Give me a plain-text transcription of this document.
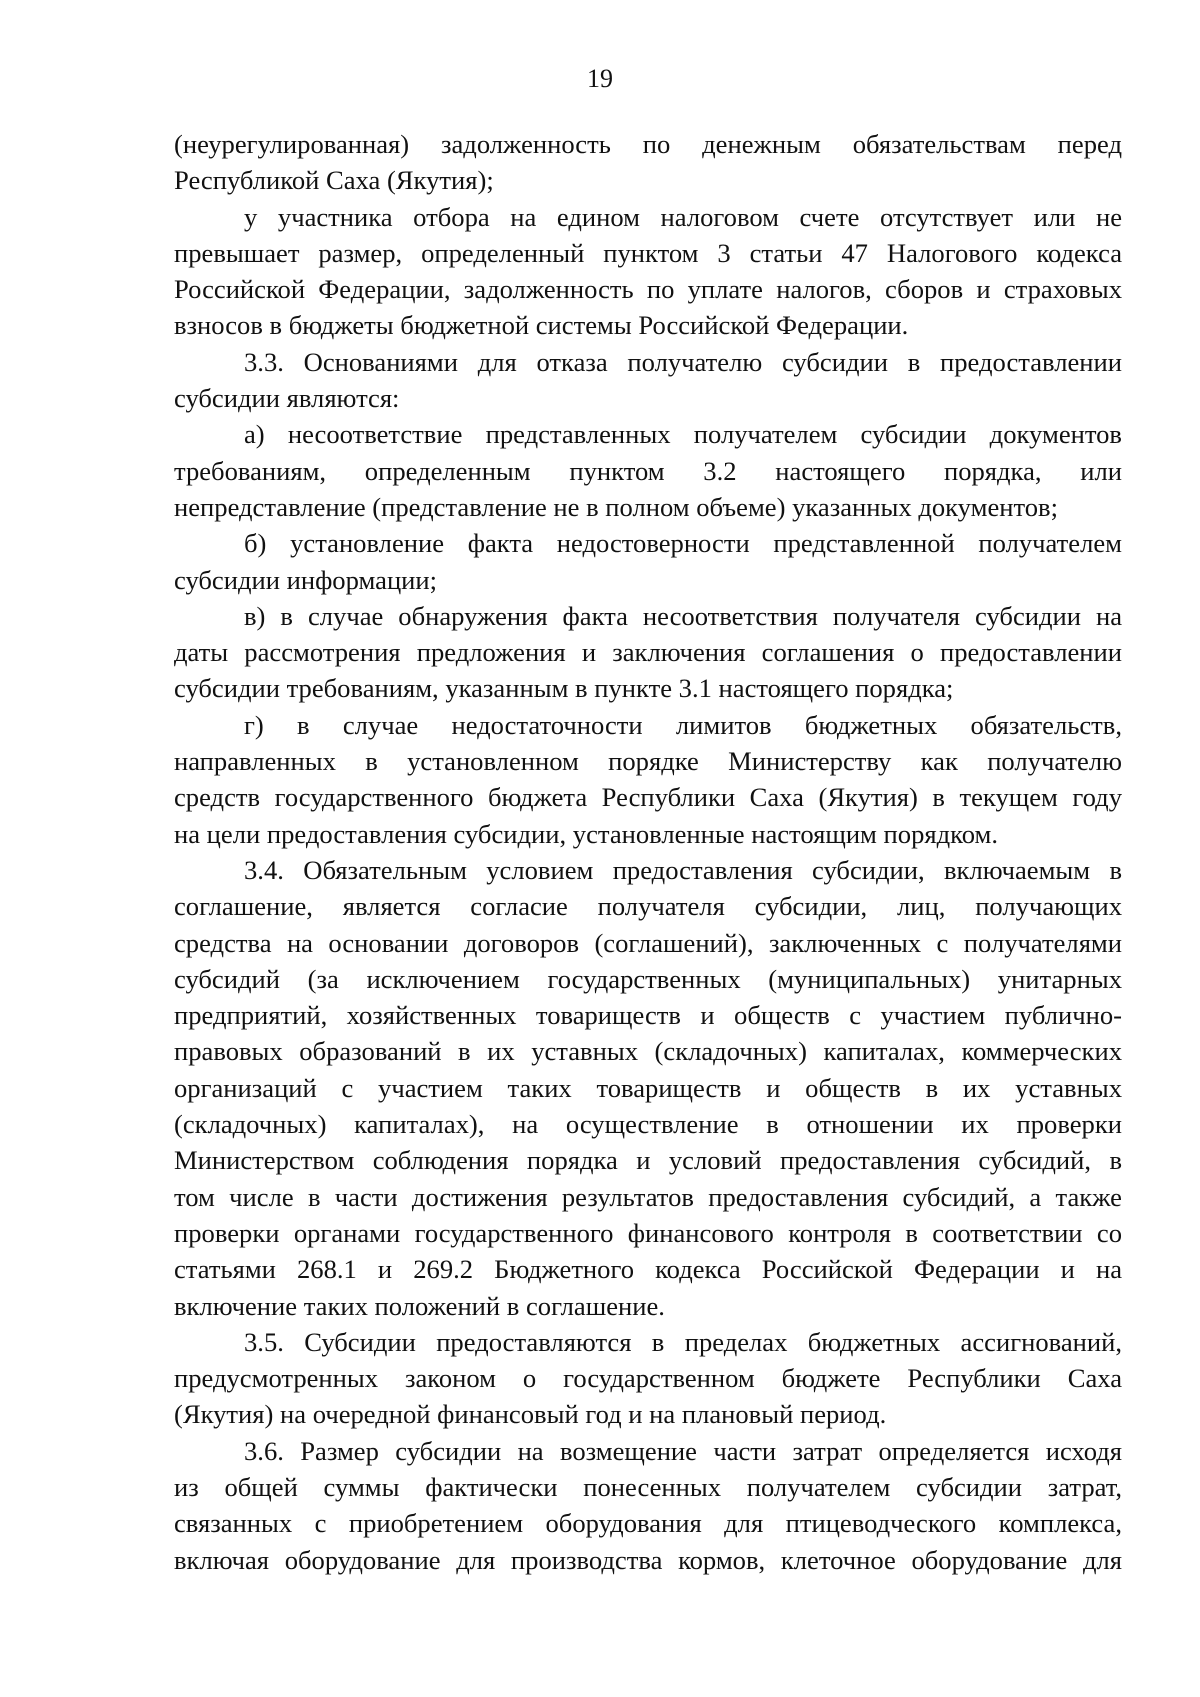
19
(неурегулированная) задолженность по денежным обязательствам перед
Республикой Саха (Якутия);
у участника отбора на едином налоговом счете отсутствует или не
превышает размер, определенный пунктом 3 статьи 47 Налогового кодекса
Российской Федерации, задолженность по уплате налогов, сборов и страховых
взносов в бюджеты бюджетной системы Российской Федерации.
3.3. Основаниями для отказа получателю субсидии в предоставлении
субсидии являются:
а) несоответствие представленных получателем субсидии документов
требованиям, определенным пунктом 3.2 настоящего порядка, или
непредставление (представление не в полном объеме) указанных документов;
б) установление факта недостоверности представленной получателем
субсидии информации;
в) в случае обнаружения факта несоответствия получателя субсидии на
даты рассмотрения предложения и заключения соглашения о предоставлении
субсидии требованиям, указанным в пункте 3.1 настоящего порядка;
г) в случае недостаточности лимитов бюджетных обязательств,
направленных в установленном порядке Министерству как получателю
средств государственного бюджета Республики Саха (Якутия) в текущем году
на цели предоставления субсидии, установленные настоящим порядком.
3.4. Обязательным условием предоставления субсидии, включаемым в
соглашение, является согласие получателя субсидии, лиц, получающих
средства на основании договоров (соглашений), заключенных с получателями
субсидий (за исключением государственных (муниципальных) унитарных
предприятий, хозяйственных товариществ и обществ с участием публично-
правовых образований в их уставных (складочных) капиталах, коммерческих
организаций с участием таких товариществ и обществ в их уставных
(складочных) капиталах), на осуществление в отношении их проверки
Министерством соблюдения порядка и условий предоставления субсидий, в
том числе в части достижения результатов предоставления субсидий, а также
проверки органами государственного финансового контроля в соответствии со
статьями 268.1 и 269.2 Бюджетного кодекса Российской Федерации и на
включение таких положений в соглашение.
3.5. Субсидии предоставляются в пределах бюджетных ассигнований,
предусмотренных законом о государственном бюджете Республики Саха
(Якутия) на очередной финансовый год и на плановый период.
3.6. Размер субсидии на возмещение части затрат определяется исходя
из общей суммы фактически понесенных получателем субсидии затрат,
связанных с приобретением оборудования для птицеводческого комплекса,
включая оборудование для производства кормов, клеточное оборудование для
